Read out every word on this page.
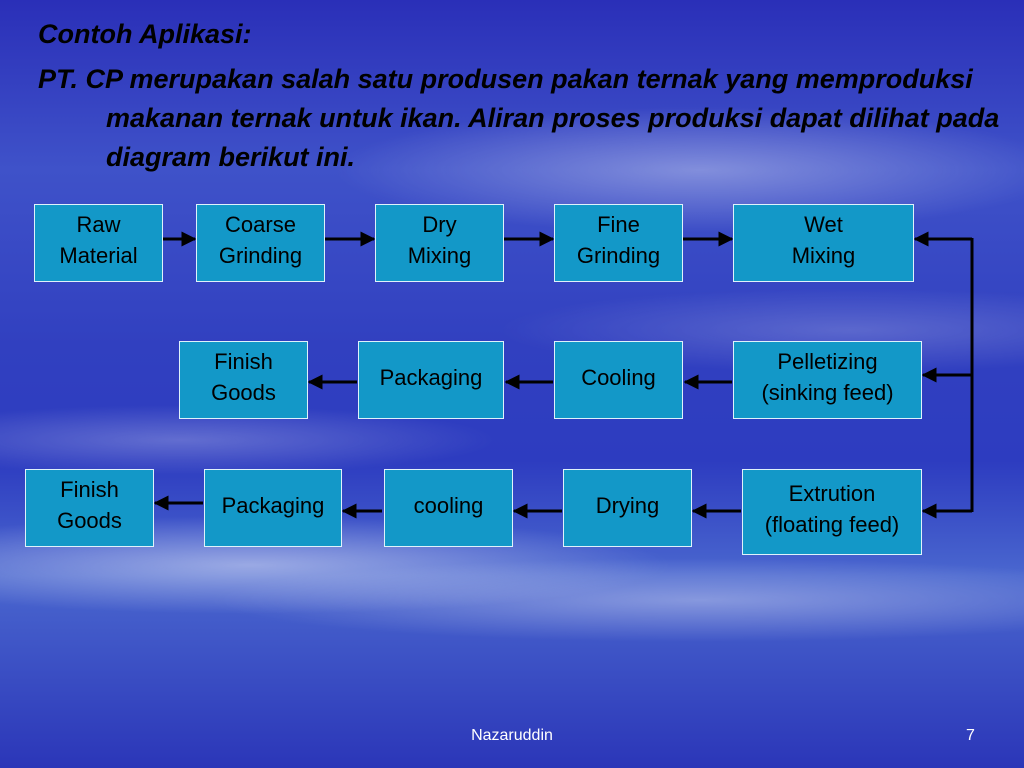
Contoh Aplikasi:

PT. CP merupakan salah satu produsen pakan ternak yang memproduksi makanan ternak untuk ikan. Aliran proses produksi dapat dilihat pada diagram berikut ini.

Raw
Material
Coarse
Grinding
Dry
Mixing
Fine
Grinding
Wet
Mixing
Pelletizing
(sinking feed)
Cooling
Packaging
Finish
Goods
Extrution
(floating feed)
Drying
cooling
Packaging
Finish
Goods
Nazaruddin	7
